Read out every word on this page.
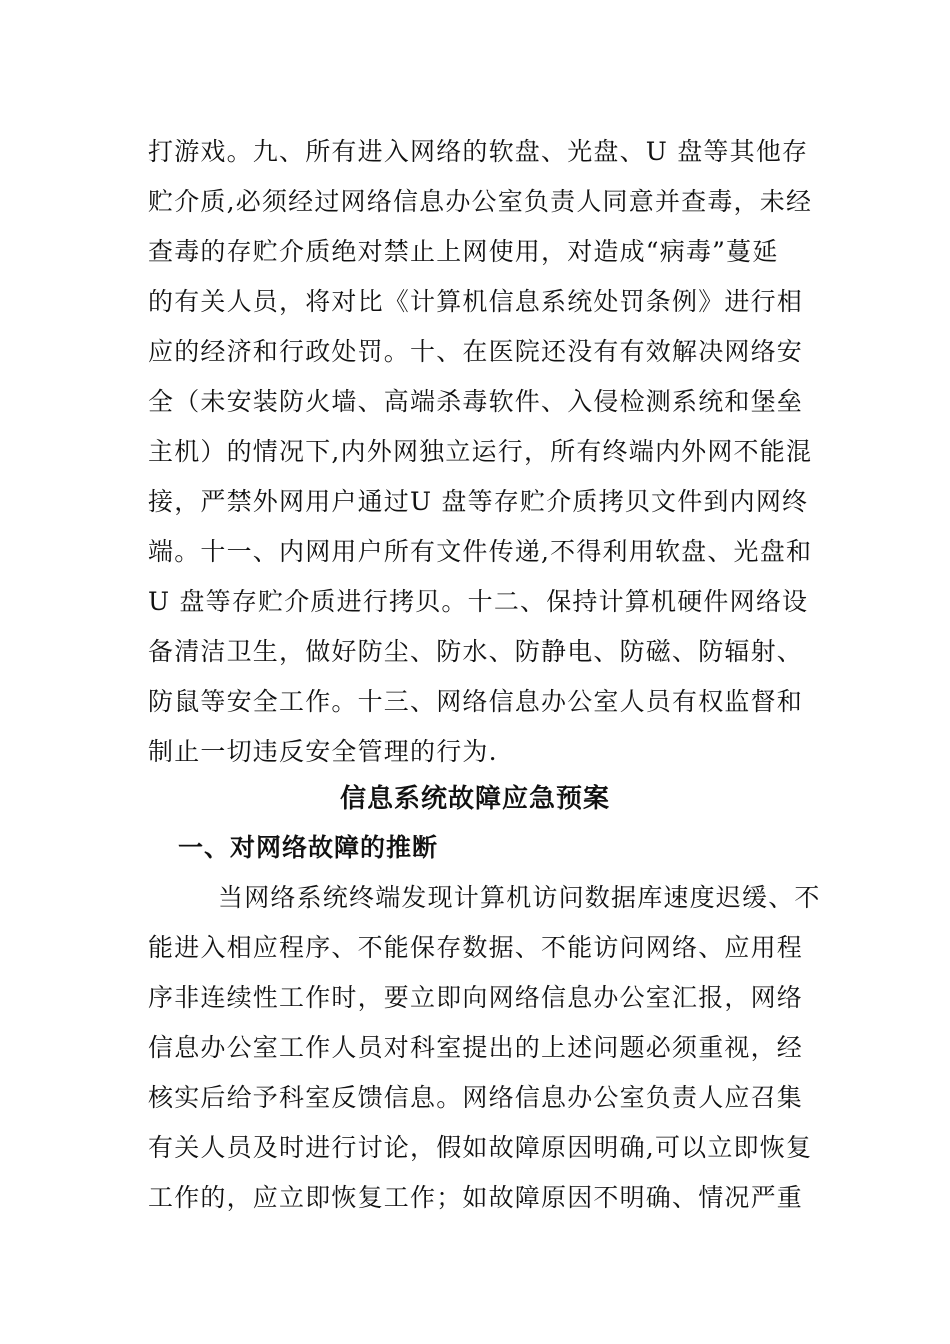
打游戏。九、所有进入网络的软盘、光盘、U 盘等其他存
贮介质,必须经过网络信息办公室负责人同意并查毒，未经
查毒的存贮介质绝对禁止上网使用，对造成“病毒”蔓延
的有关人员，将对比《计算机信息系统处罚条例》进行相
应的经济和行政处罚。十、在医院还没有有效解决网络安
全（未安装防火墙、高端杀毒软件、入侵检测系统和堡垒
主机）的情况下,内外网独立运行，所有终端内外网不能混
接，严禁外网用户通过U 盘等存贮介质拷贝文件到内网终
端。十一、内网用户所有文件传递,不得利用软盘、光盘和
U 盘等存贮介质进行拷贝。十二、保持计算机硬件网络设
备清洁卫生，做好防尘、防水、防静电、防磁、防辐射、
防鼠等安全工作。十三、网络信息办公室人员有权监督和
制止一切违反安全管理的行为.
信息系统故障应急预案
一、对网络故障的推断
当网络系统终端发现计算机访问数据库速度迟缓、不
能进入相应程序、不能保存数据、不能访问网络、应用程
序非连续性工作时，要立即向网络信息办公室汇报，网络
信息办公室工作人员对科室提出的上述问题必须重视，经
核实后给予科室反馈信息。网络信息办公室负责人应召集
有关人员及时进行讨论，假如故障原因明确,可以立即恢复
工作的，应立即恢复工作；如故障原因不明确、情况严重
